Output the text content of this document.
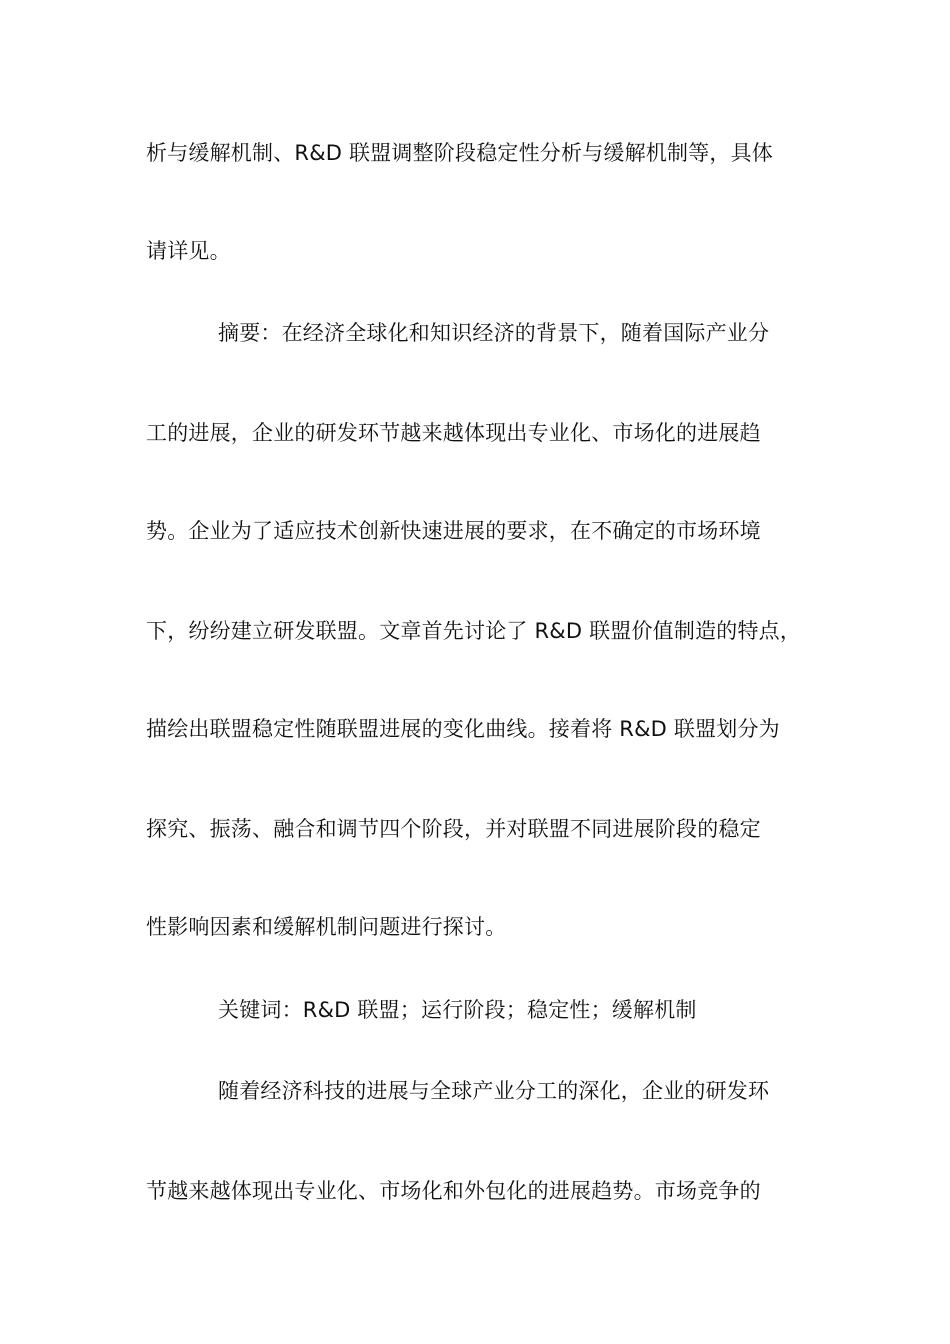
析与缓解机制、R&D 联盟调整阶段稳定性分析与缓解机制等，具体
请详见。
摘要：在经济全球化和知识经济的背景下，随着国际产业分
工的进展，企业的研发环节越来越体现出专业化、市场化的进展趋
势。企业为了适应技术创新快速进展的要求，在不确定的市场环境
下，纷纷建立研发联盟。文章首先讨论了 R&D 联盟价值制造的特点，
描绘出联盟稳定性随联盟进展的变化曲线。接着将 R&D 联盟划分为
探究、振荡、融合和调节四个阶段，并对联盟不同进展阶段的稳定
性影响因素和缓解机制问题进行探讨。
关键词：R&D 联盟；运行阶段；稳定性；缓解机制
随着经济科技的进展与全球产业分工的深化，企业的研发环
节越来越体现出专业化、市场化和外包化的进展趋势。市场竞争的
